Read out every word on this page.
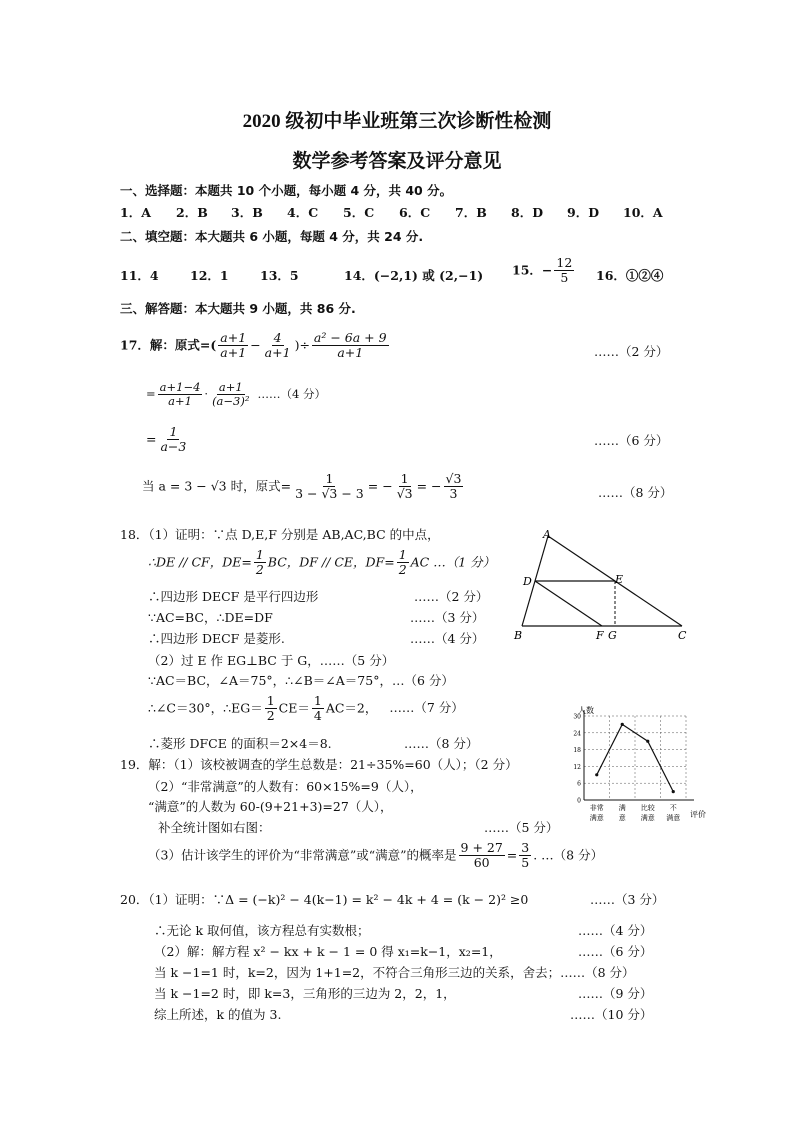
2020 级初中毕业班第三次诊断性检测
数学参考答案及评分意见
一、选择题：本题共 10 个小题，每小题 4 分，共 40 分。
1．A 2．B 3．B 4．C 5．C 6．C 7．B 8．D 9．D 10．A
二、填空题：本大题共 6 小题，每题 4 分，共 24 分.
11．4	12．1	13．5	14．(−2,1) 或 (2,−1) 15．− $\frac{12}{5} 16$．①②④
三、解答题：本大题共 9 小题，共 86 分.
17．解：原式=( $\frac{a+1}{a+1} - \frac{4}{a+1}$ )÷ $\frac{\text{a² − 6a + 9}}{a+1}$	……（2 分）
= $\frac{a+1-4}{a+1} \cdot \frac{a+1}{\text{(a−3)²}}$ ……（4 分）
= $\frac{1}{a-3}$	……（6 分）
当 a = 3 − √3 时，原式= $\frac{1}{3 - √3 - 3}$ = − $\frac{1}{√3}$ = − $\frac{√3}{3}$	……（8 分）
18．（1）证明：∵点 D,E,F 分别是 AB,AC,BC 的中点，
∴DE // CF，$DE= \frac{1}{2}$ BC，DF // CE，$DF= \frac{1}{2}$ AC …（1 分）
∴四边形 DECF 是平行四边形	……（2 分）
∵AC=BC，∴DE=DF	……（3 分）
∴四边形 DECF 是菱形.	……（4 分）
（2）过 E 作 EG⊥BC 于 G，……（5 分）
∵AC＝BC，∠A＝75°，∴∠B＝∠A＝75°，…（6 分）
∴∠C＝30°，∴EG＝ $\frac{1}{2} CE= \frac{1}{4} AC=2$， ……（7 分）
∴菱形 DFCE 的面积＝2×4＝8.	……（8 分）
A
B	C
D	E
F G
19．解：（1）该校被调查的学生总数是：21÷35%=60（人）；（2 分）
（2）“非常满意”的人数有：60×15%=9（人），
“满意”的人数为 60-(9+21+3)=27（人），
补全统计图如右图：	……（5 分）
（3）估计该学生的评价为“非常满意”或“满意”的概率是 $\frac{9 + 27}{60} = \frac{3}{5}$ . …（8 分）
30
24
18
12
6
0
非常
满意
满
意
比较
满意
不
满意
人数
评价
20．（1）证明：∵Δ = (−k)² − 4(k−1) = k² − 4k + 4 = (k − 2)² ≥0	……（3 分）
∴无论 k 取何值，该方程总有实数根；	……（4 分）
（2）解：解方程 x² − kx + k − 1 = 0 得 x₁=k−1，x₂=1，	……（6 分）
当 k −1=1 时，k=2，因为 1+1=2，不符合三角形三边的关系，舍去；……（8 分）
当 k −1=2 时，即 k=3，三角形的三边为 2，2，1，	……（9 分）
综上所述，k 的值为 3.	……（10 分）
